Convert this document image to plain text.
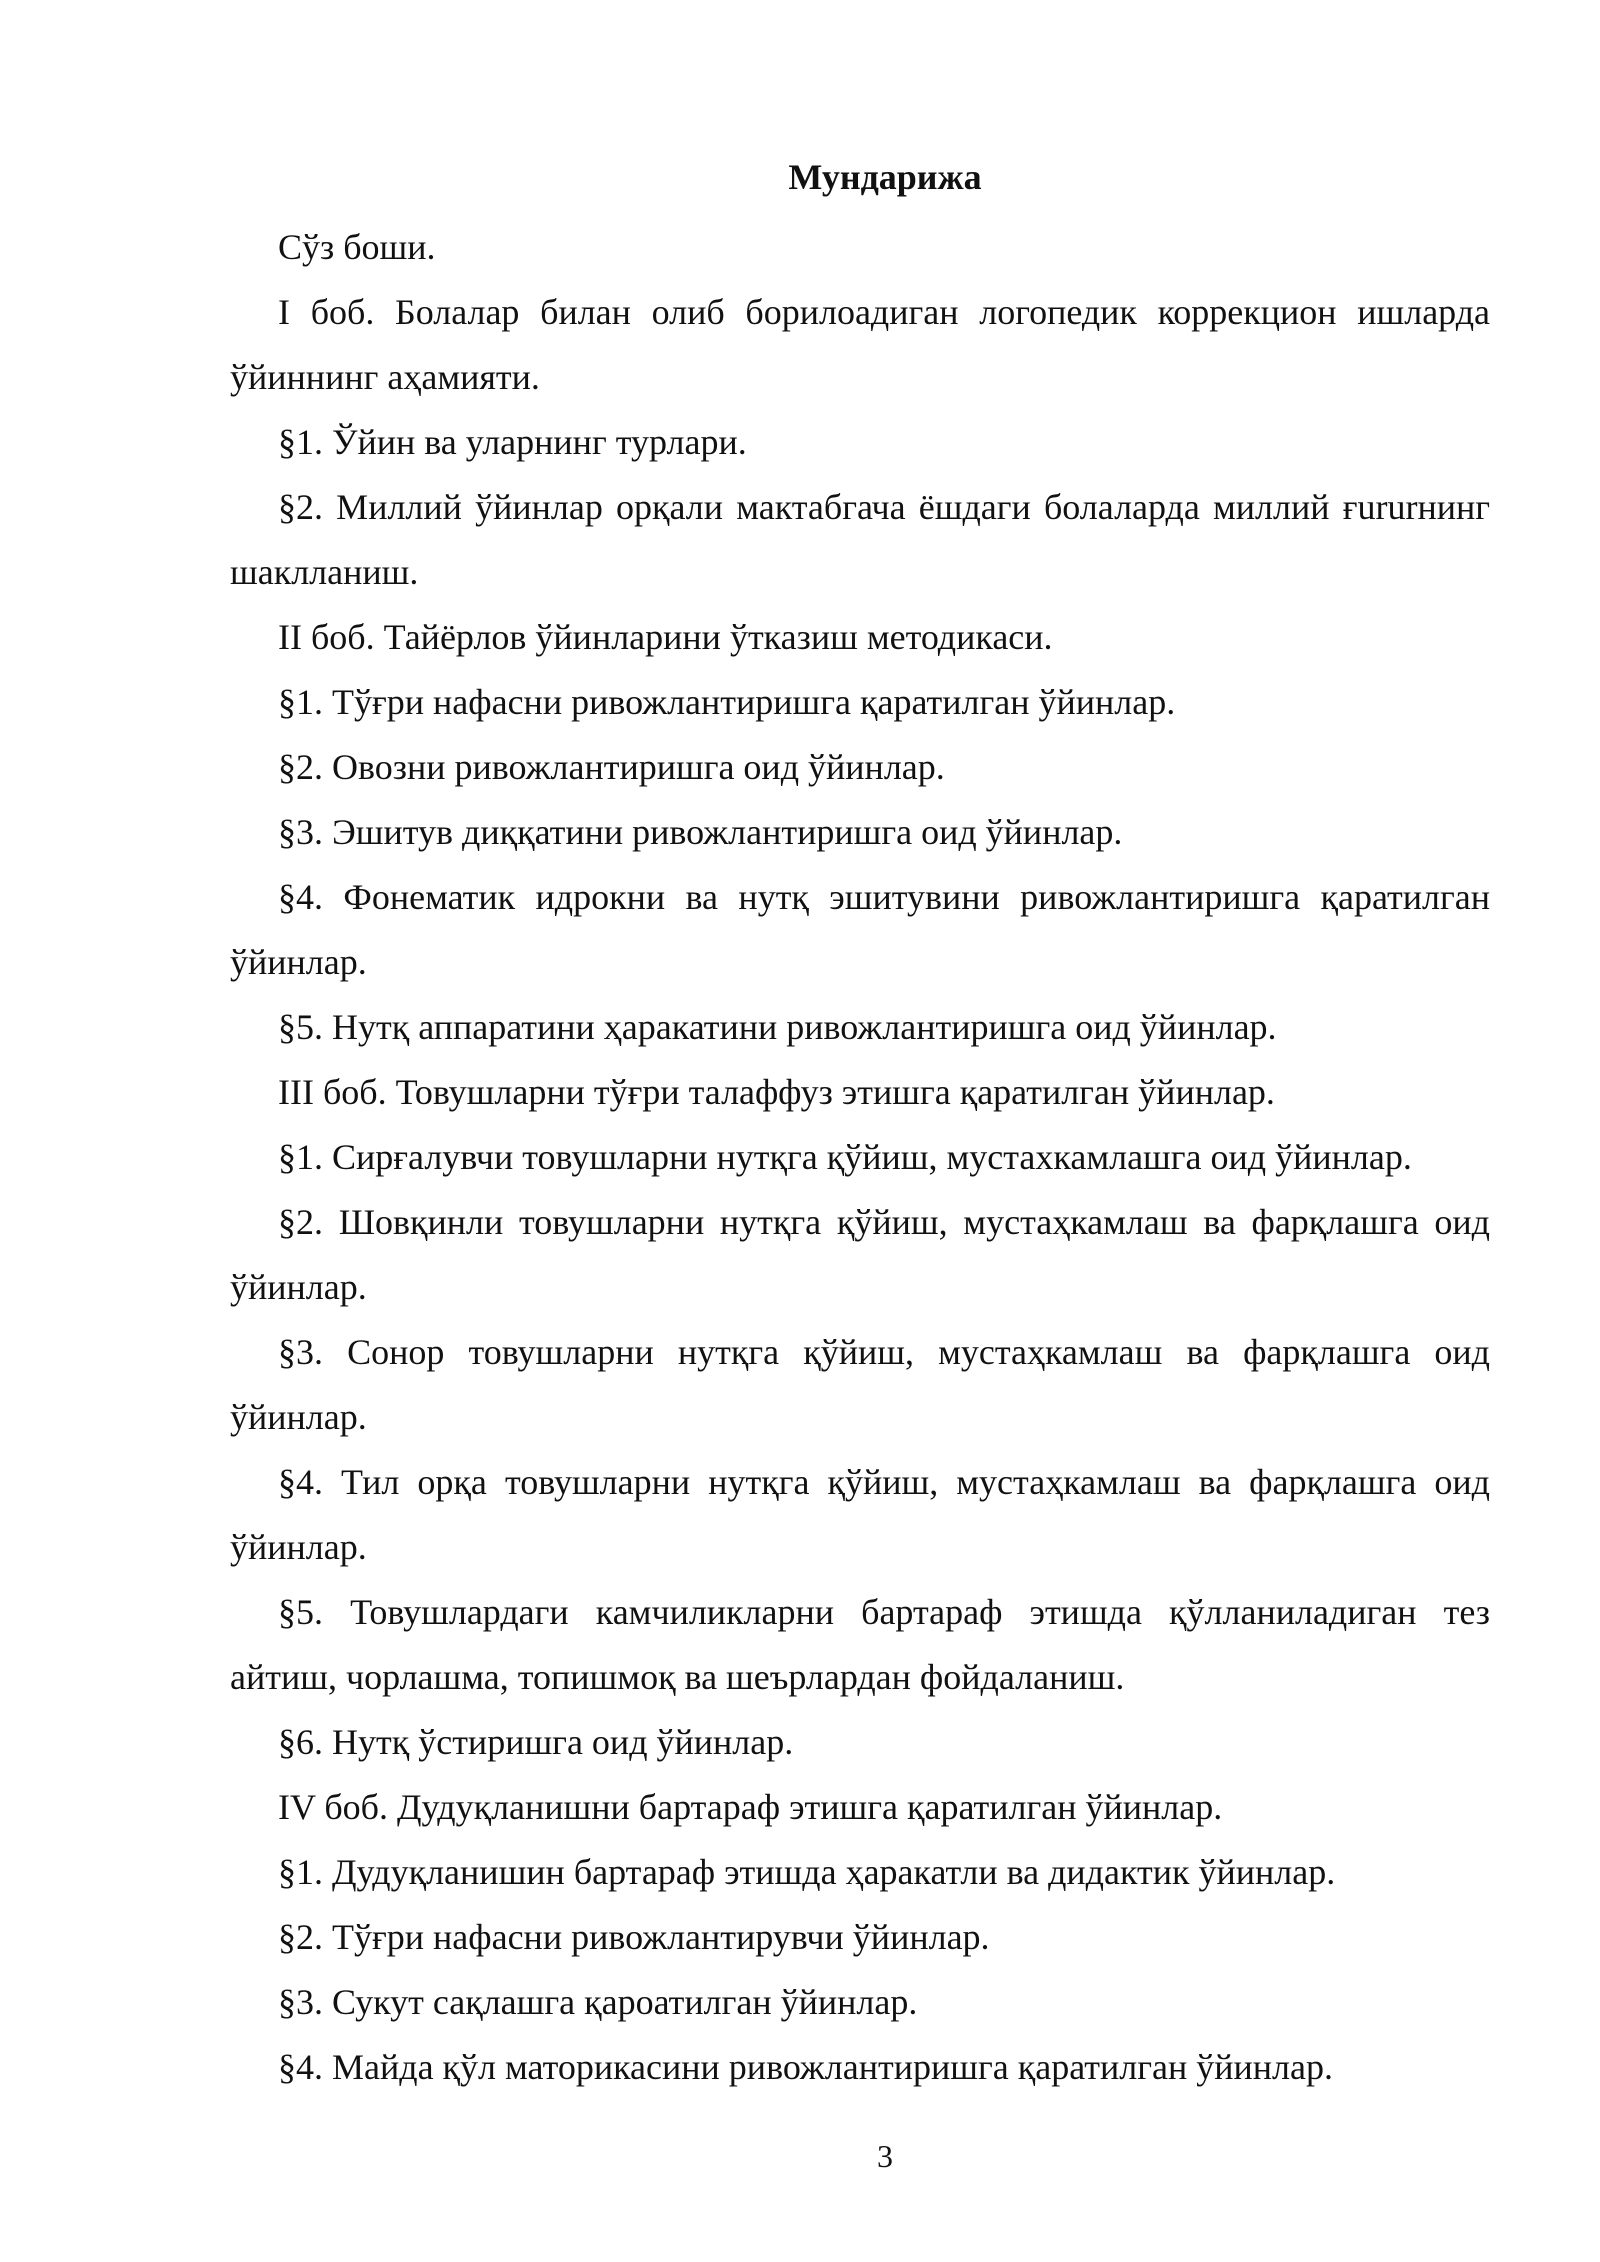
Мундарижа

Сўз боши.

I боб. Болалар билан олиб борилоадиган логопедик коррекцион ишларда ўйиннинг аҳамияти.

§1. Ўйин ва уларнинг турлари.

§2. Миллий ўйинлар орқали мактабгача ёшдаги болаларда миллий ғururнинг шаклланиш.

II боб. Тайёрлов ўйинларини ўтказиш методикаси.

§1. Тўғри нафасни ривожлантиришга қаратилган ўйинлар.

§2. Овозни ривожлантиришга оид ўйинлар.

§3. Эшитув диққатини ривожлантиришга оид ўйинлар.

§4. Фонематик идрокни ва нутқ эшитувини ривожлантиришга қаратилган ўйинлар.

§5. Нутқ аппаратини ҳаракатини ривожлантиришга оид ўйинлар.

III боб. Товушларни тўғри талаффуз этишга қаратилган ўйинлар.

§1. Сирғалувчи товушларни нутқга қўйиш, мустахкамлашга оид ўйинлар.

§2. Шовқинли товушларни нутқга қўйиш, мустаҳкамлаш ва фарқлашга оид ўйинлар.

§3. Сонор товушларни нутқга қўйиш, мустаҳкамлаш ва фарқлашга оид ўйинлар.

§4. Тил орқа товушларни нутқга қўйиш, мустаҳкамлаш ва фарқлашга оид ўйинлар.

§5. Товушлардаги камчиликларни бартараф этишда қўлланиладиган тез айтиш, чорлашма, топишмоқ ва шеърлардан фойдаланиш.

§6. Нутқ ўстиришга оид ўйинлар.

IV боб. Дудуқланишни бартараф этишга қаратилган ўйинлар.

§1. Дудуқланишин бартараф этишда ҳаракатли ва дидактик ўйинлар.

§2. Тўғри нафасни ривожлантирувчи ўйинлар.

§3. Сукут сақлашга қароатилган ўйинлар.

§4. Майда қўл маторикасини ривожлантиришга қаратилган ўйинлар.

3
